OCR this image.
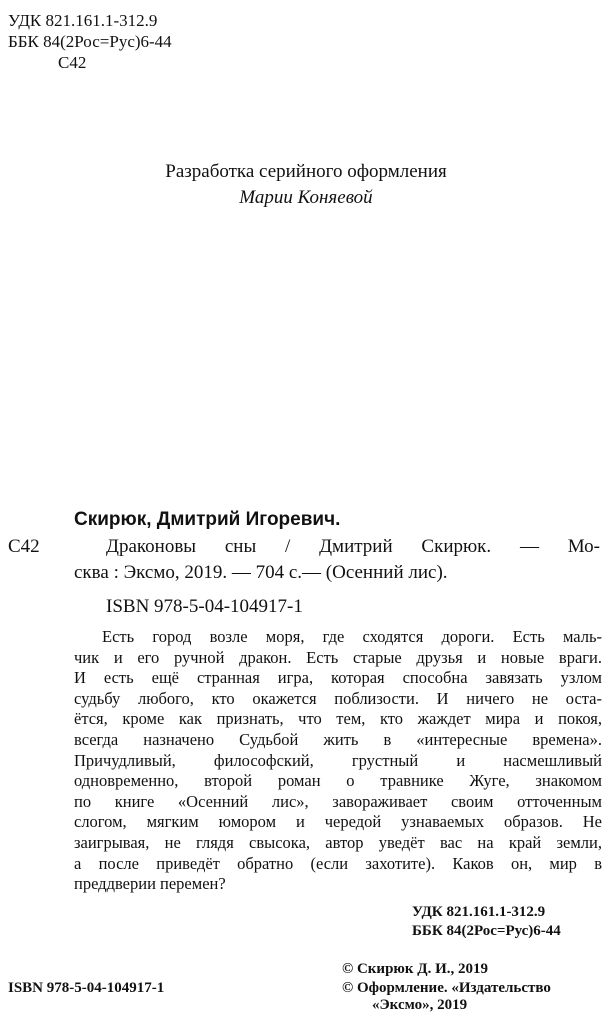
УДК 821.161.1-312.9
ББК 84(2Рос=Рус)6-44
С42
Разработка серийного оформления
Марии Коняевой
Скирюк, Дмитрий Игоревич.
С42	Драконовы сны / Дмитрий Скирюк. — Мо-
сква : Эксмо, 2019. — 704 с.— (Осенний лис).
ISBN 978-5-04-104917-1

Есть город возле моря, где сходятся дороги. Есть маль-

чик и его ручной дракон. Есть старые друзья и новые враги.

И есть ещё странная игра, которая способна завязать узлом

судьбу любого, кто окажется поблизости. И ничего не оста-

ётся, кроме как признать, что тем, кто жаждет мира и покоя,

всегда назначено Судьбой жить в «интересные времена».

Причудливый, философский, грустный и насмешливый

одновременно, второй роман о травнике Жуге, знакомом

по книге «Осенний лис», завораживает своим отточенным

слогом, мягким юмором и чередой узнаваемых образов. Не

заигрывая, не глядя свысока, автор уведёт вас на край земли,

а после приведёт обратно (если захотите). Каков он, мир в

преддверии перемен?

УДК 821.161.1-312.9
ББК 84(2Рос=Рус)6-44
© Скирюк Д. И., 2019
© Оформление. «Издательство
«Эксмо», 2019
ISBN 978-5-04-104917-1
